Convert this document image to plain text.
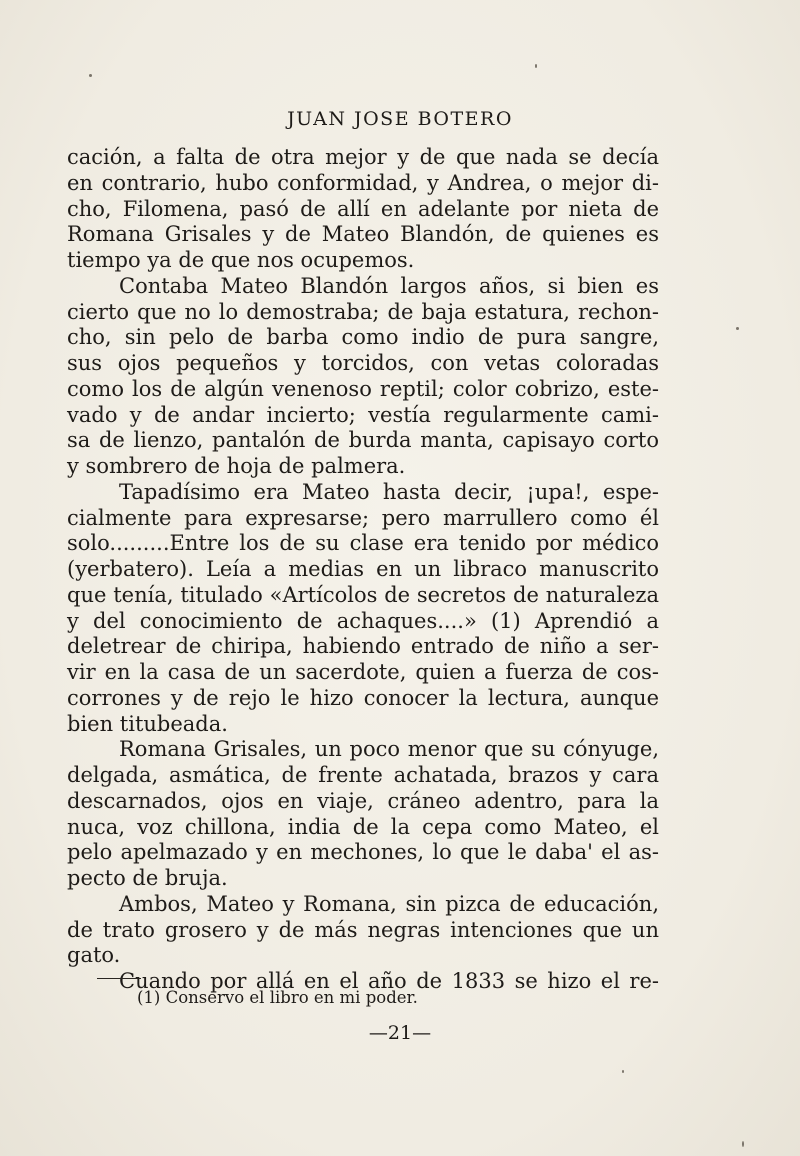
JUAN JOSE BOTERO
cación, a falta de otra mejor y de que nada se decía
en contrario, hubo conformidad, y Andrea, o mejor di-
cho, Filomena, pasó de allí en adelante por nieta de
Romana Grisales y de Mateo Blandón, de quienes es
tiempo ya de que nos ocupemos.
Contaba Mateo Blandón largos años, si bien es
cierto que no lo demostraba; de baja estatura, rechon-
cho, sin pelo de barba como indio de pura sangre,
sus ojos pequeños y torcidos, con vetas coloradas
como los de algún venenoso reptil; color cobrizo, este-
vado y de andar incierto; vestía regularmente cami-
sa de lienzo, pantalón de burda manta, capisayo corto
y sombrero de hoja de palmera.
Tapadísimo era Mateo hasta decir, ¡upa!, espe-
cialmente para expresarse; pero marrullero como él
solo.........Entre los de su clase era tenido por médico
(yerbatero). Leía a medias en un libraco manuscrito
que tenía, titulado «Artícolos de secretos de naturaleza
y del conocimiento de achaques....» (1) Aprendió a
deletrear de chiripa, habiendo entrado de niño a ser-
vir en la casa de un sacerdote, quien a fuerza de cos-
corrones y de rejo le hizo conocer la lectura, aunque
bien titubeada.
Romana Grisales, un poco menor que su cónyuge,
delgada, asmática, de frente achatada, brazos y cara
descarnados, ojos en viaje, cráneo adentro, para la
nuca, voz chillona, india de la cepa como Mateo, el
pelo apelmazado y en mechones, lo que le daba' el as-
pecto de bruja.
Ambos, Mateo y Romana, sin pizca de educación,
de trato grosero y de más negras intenciones que un
gato.
Cuando por allá en el año de 1833 se hizo el re-
(1) Conservo el libro en mi poder.
—21—
